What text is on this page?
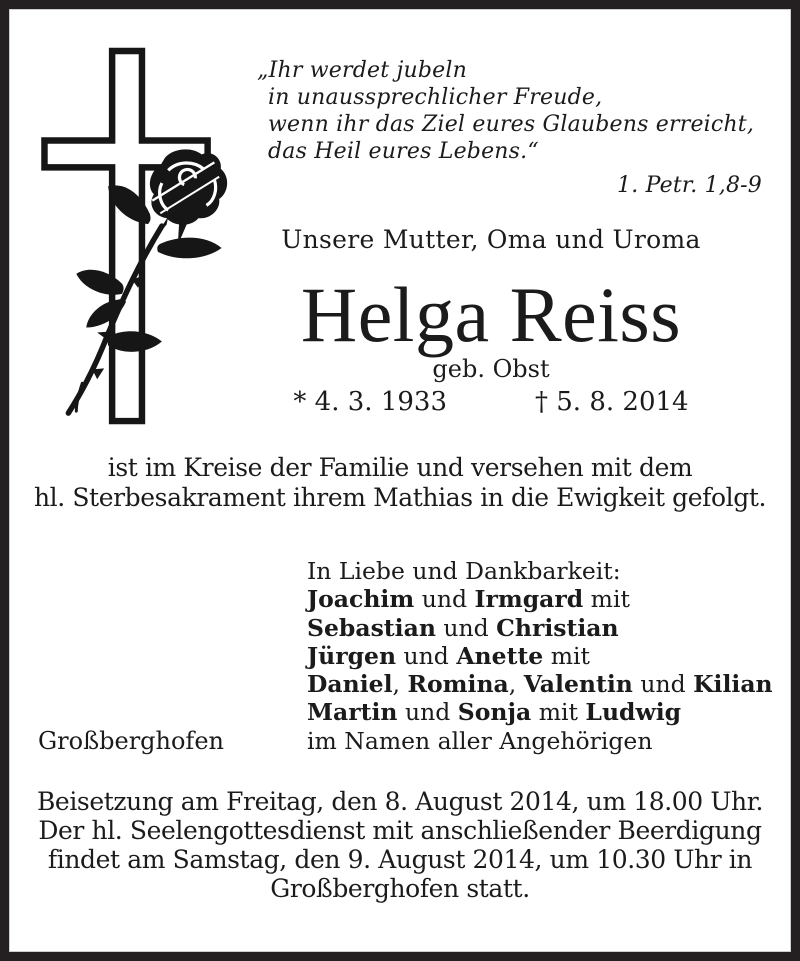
„Ihr werdet jubeln
in unaussprechlicher Freude,
wenn ihr das Ziel eures Glaubens erreicht,
das Heil eures Lebens.“
1. Petr. 1,8-9
Unsere Mutter, Oma und Uroma
Helga Reiss
geb. Obst
* 4. 3. 1933	† 5. 8. 2014
ist im Kreise der Familie und versehen mit dem
hl. Sterbesakrament ihrem Mathias in die Ewigkeit gefolgt.
In Liebe und Dankbarkeit:
Joachim und Irmgard mit
Sebastian und Christian
Jürgen und Anette mit
Daniel, Romina, Valentin und Kilian
Martin und Sonja mit Ludwig
im Namen aller Angehörigen
Großberghofen
Beisetzung am Freitag, den 8. August 2014, um 18.00 Uhr.
Der hl. Seelengottesdienst mit anschließender Beerdigung
findet am Samstag, den 9. August 2014, um 10.30 Uhr in
Großberghofen statt.
